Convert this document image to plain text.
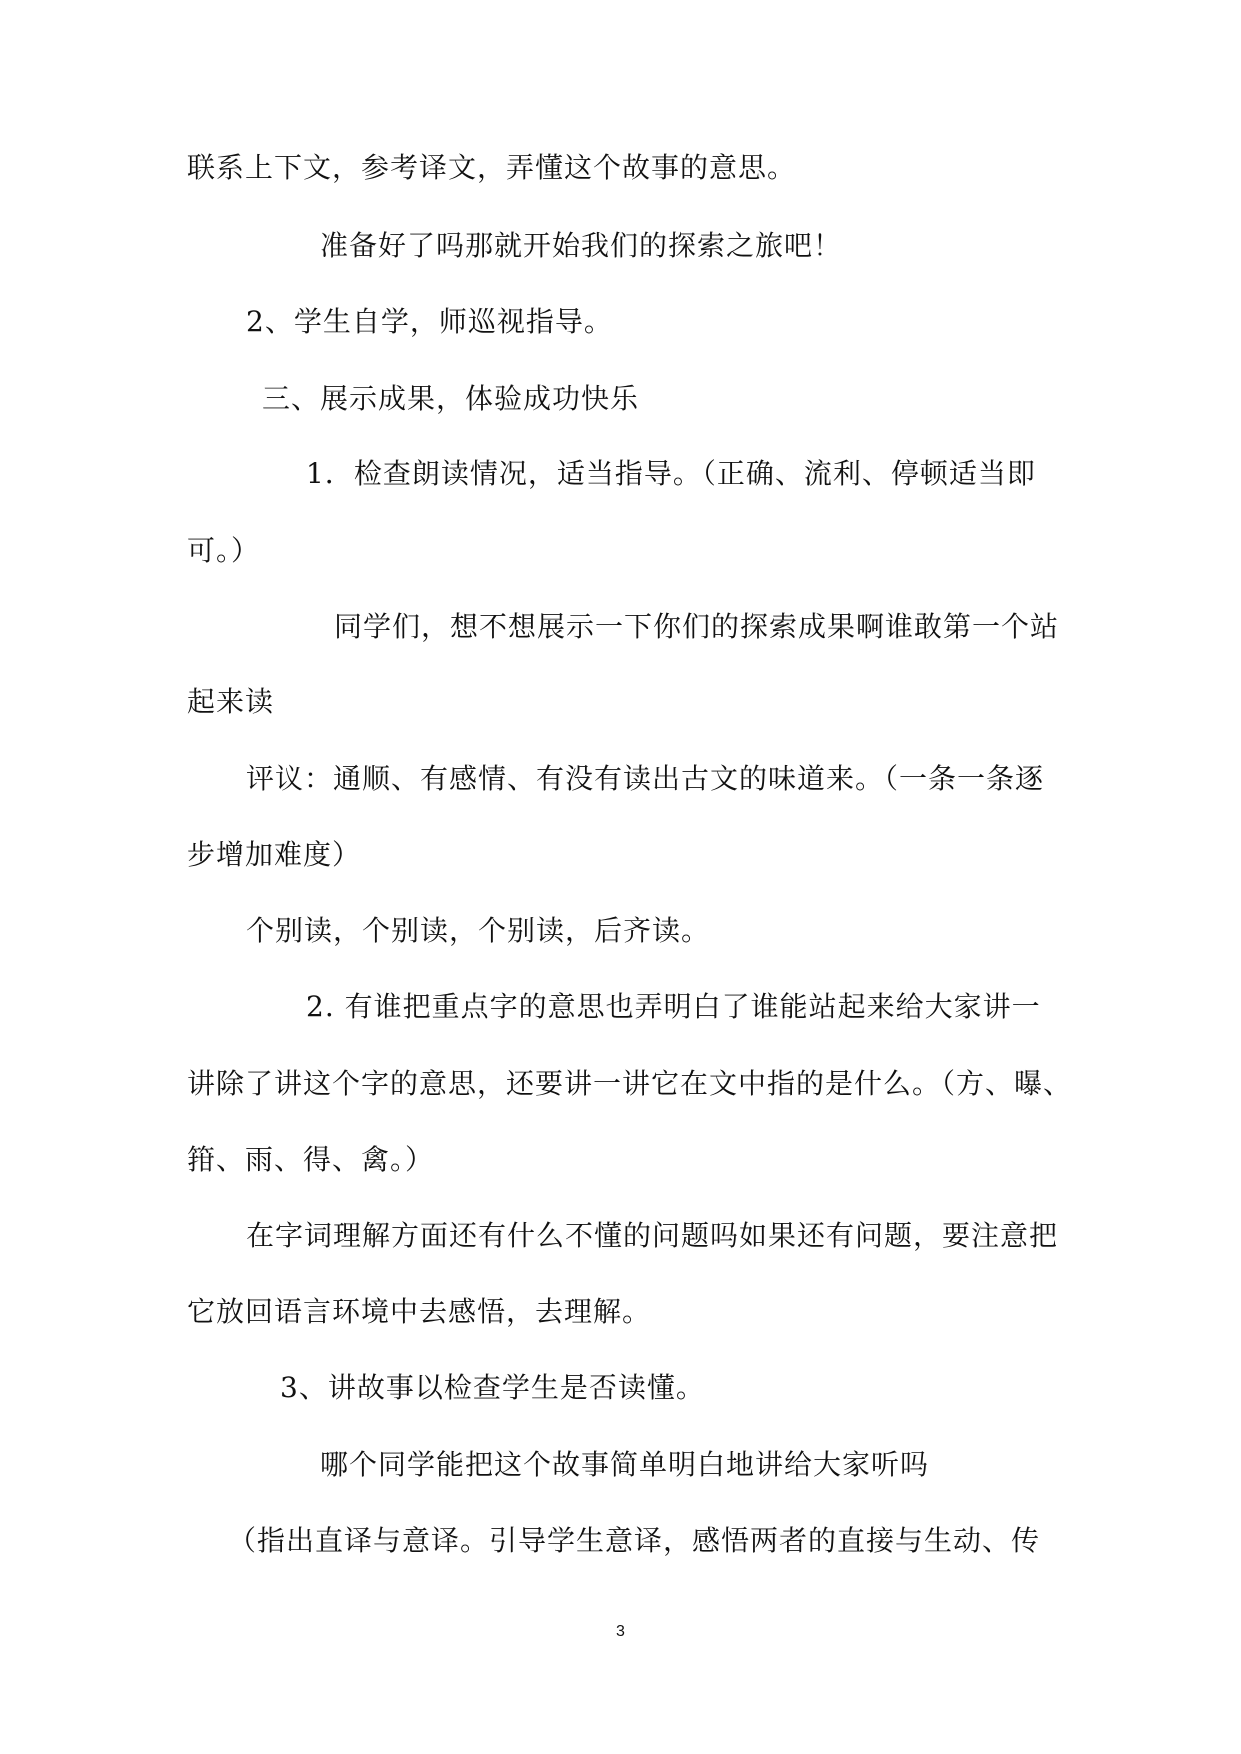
联系上下文，参考译文，弄懂这个故事的意思。
准备好了吗那就开始我们的探索之旅吧！
2、学生自学，师巡视指导。
三、展示成果，体验成功快乐
1．检查朗读情况，适当指导。（正确、流利、停顿适当即
可。）
同学们，想不想展示一下你们的探索成果啊谁敢第一个站
起来读
评议：通顺、有感情、有没有读出古文的味道来。（一条一条逐
步增加难度）
个别读，个别读，个别读，后齐读。
2. 有谁把重点字的意思也弄明白了谁能站起来给大家讲一
讲除了讲这个字的意思，还要讲一讲它在文中指的是什么。（方、曝、
箝、雨、得、禽。）
在字词理解方面还有什么不懂的问题吗如果还有问题，要注意把
它放回语言环境中去感悟，去理解。
3、讲故事以检查学生是否读懂。
哪个同学能把这个故事简单明白地讲给大家听吗
（指出直译与意译。引导学生意译，感悟两者的直接与生动、传
3
